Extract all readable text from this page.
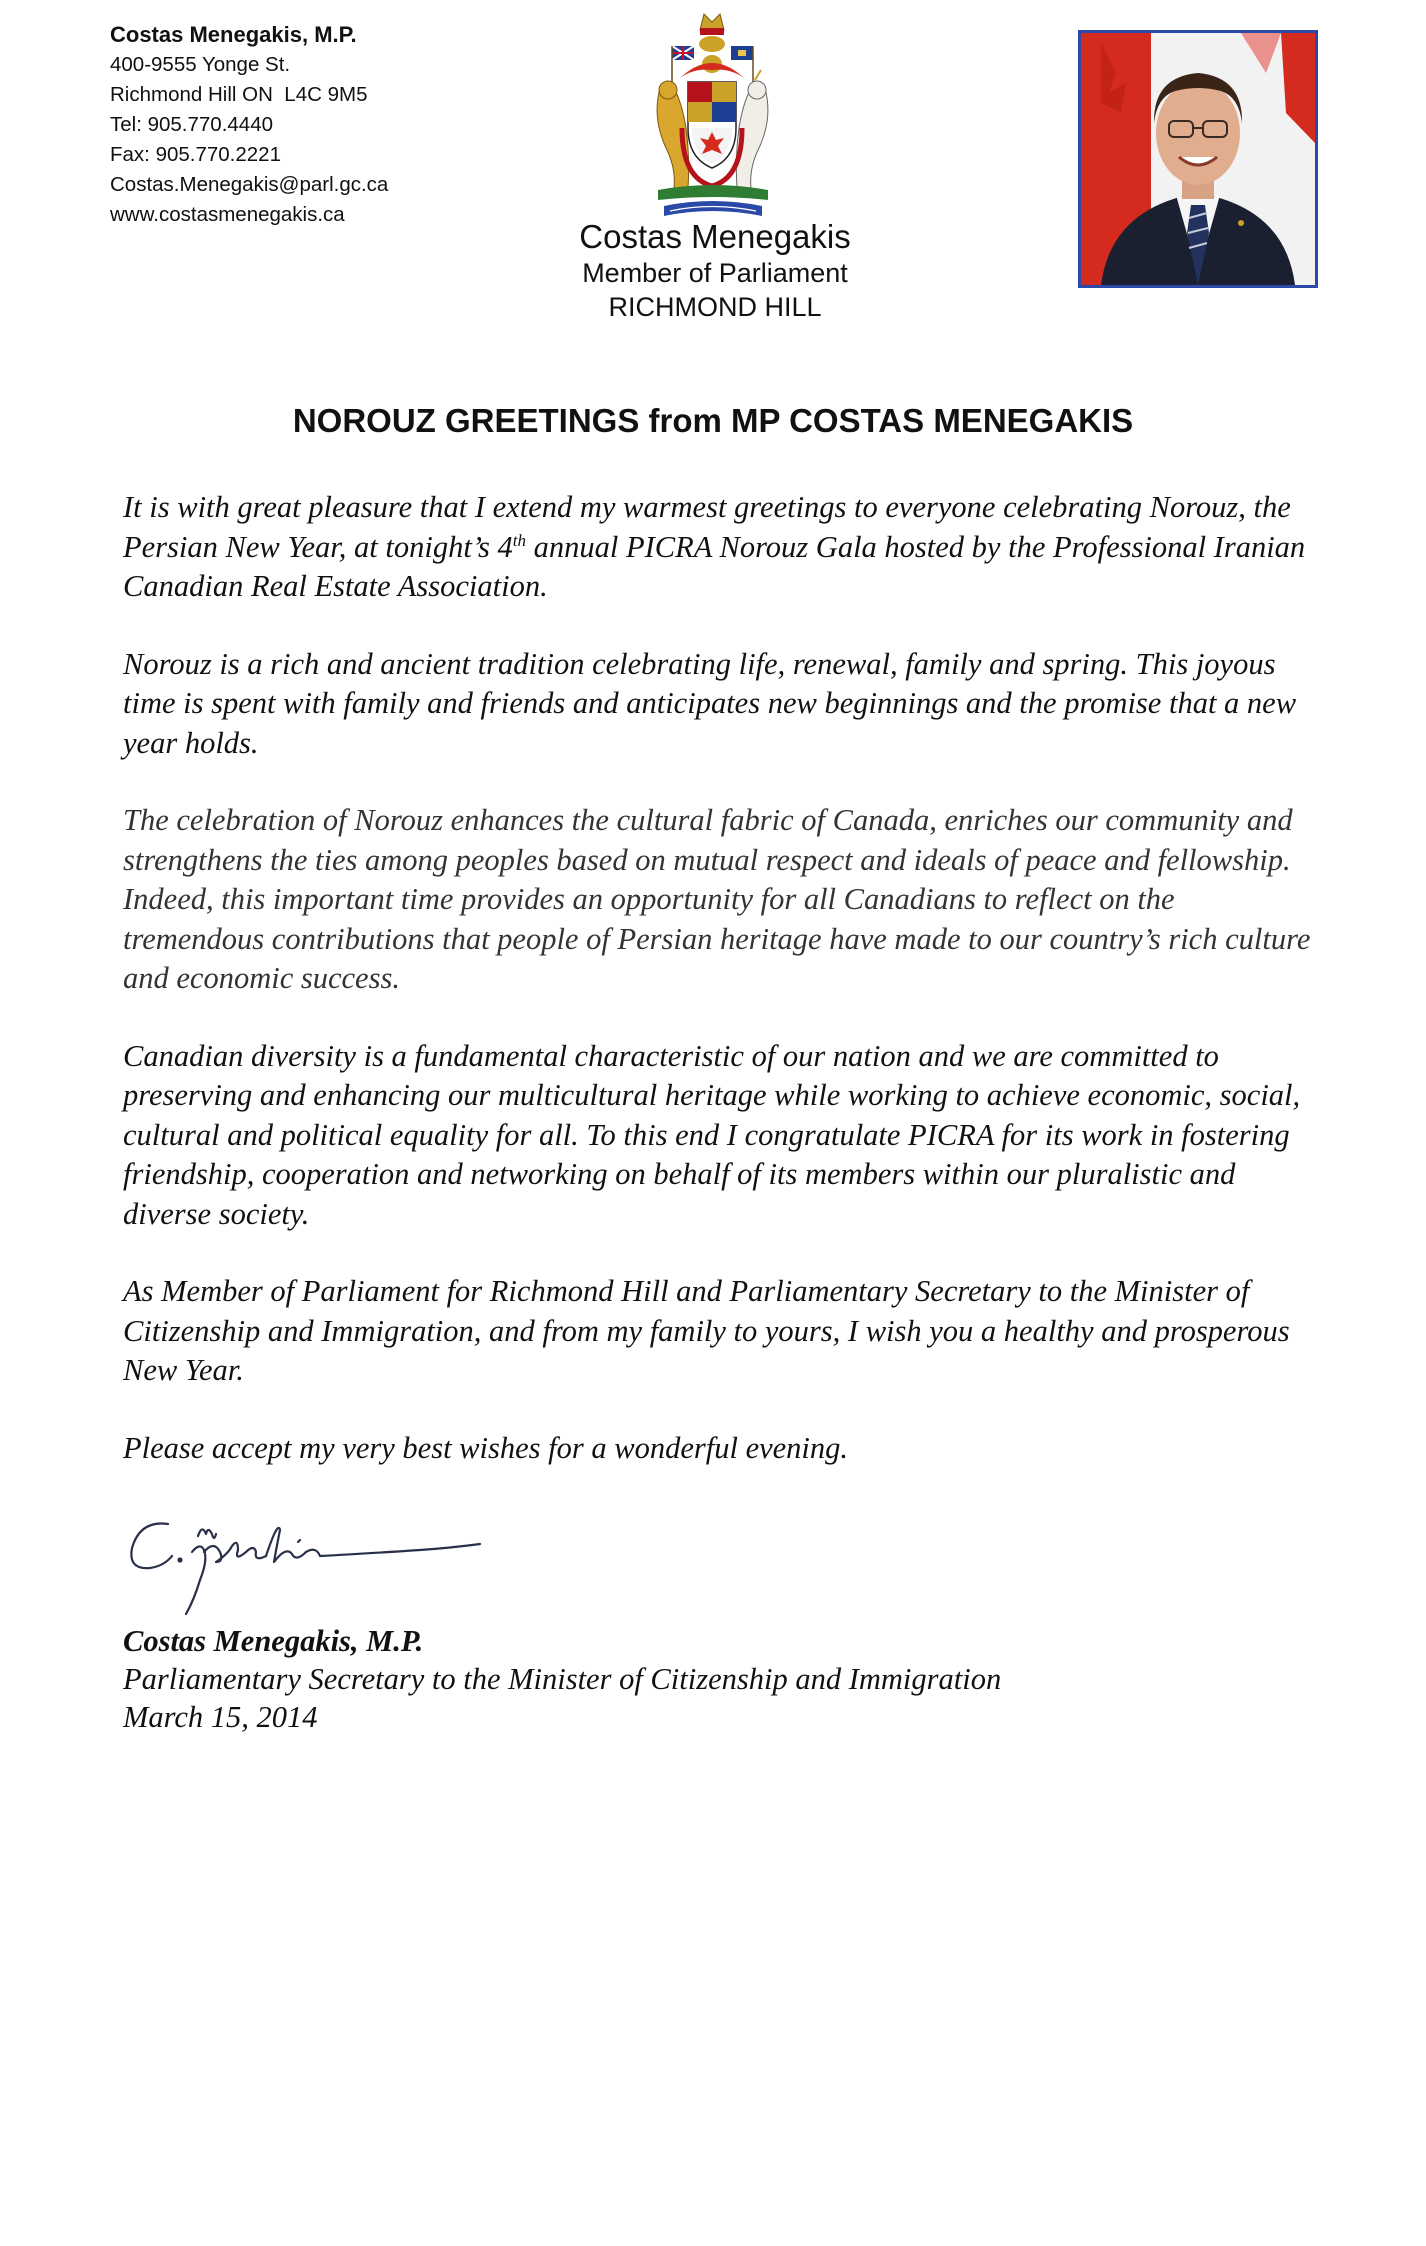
Costas Menegakis, M.P.
400-9555 Yonge St.
Richmond Hill ON  L4C 9M5
Tel: 905.770.4440
Fax: 905.770.2221
Costas.Menegakis@parl.gc.ca
www.costasmenegakis.ca
Costas Menegakis
Member of Parliament
RICHMOND HILL
NOROUZ GREETINGS from MP COSTAS MENEGAKIS

It is with great pleasure that I extend my warmest greetings to everyone celebrating Norouz, the Persian New Year, at tonight’s 4th annual PICRA Norouz Gala hosted by the Professional Iranian Canadian Real Estate Association.

Norouz is a rich and ancient tradition celebrating life, renewal, family and spring. This joyous time is spent with family and friends and anticipates new beginnings and the promise that a new year holds.

The celebration of Norouz enhances the cultural fabric of Canada, enriches our community and strengthens the ties among peoples based on mutual respect and ideals of peace and fellowship. Indeed, this important time provides an opportunity for all Canadians to reflect on the tremendous contributions that people of Persian heritage have made to our country’s rich culture and economic success.

Canadian diversity is a fundamental characteristic of our nation and we are committed to preserving and enhancing our multicultural heritage while working to achieve economic, social, cultural and political equality for all. To this end I congratulate PICRA for its work in fostering friendship, cooperation and networking on behalf of its members within our pluralistic and diverse society.

As Member of Parliament for Richmond Hill and Parliamentary Secretary to the Minister of Citizenship and Immigration, and from my family to yours, I wish you a healthy and prosperous New Year.

Please accept my very best wishes for a wonderful evening.

Costas Menegakis, M.P.
Parliamentary Secretary to the Minister of Citizenship and Immigration
March 15, 2014
